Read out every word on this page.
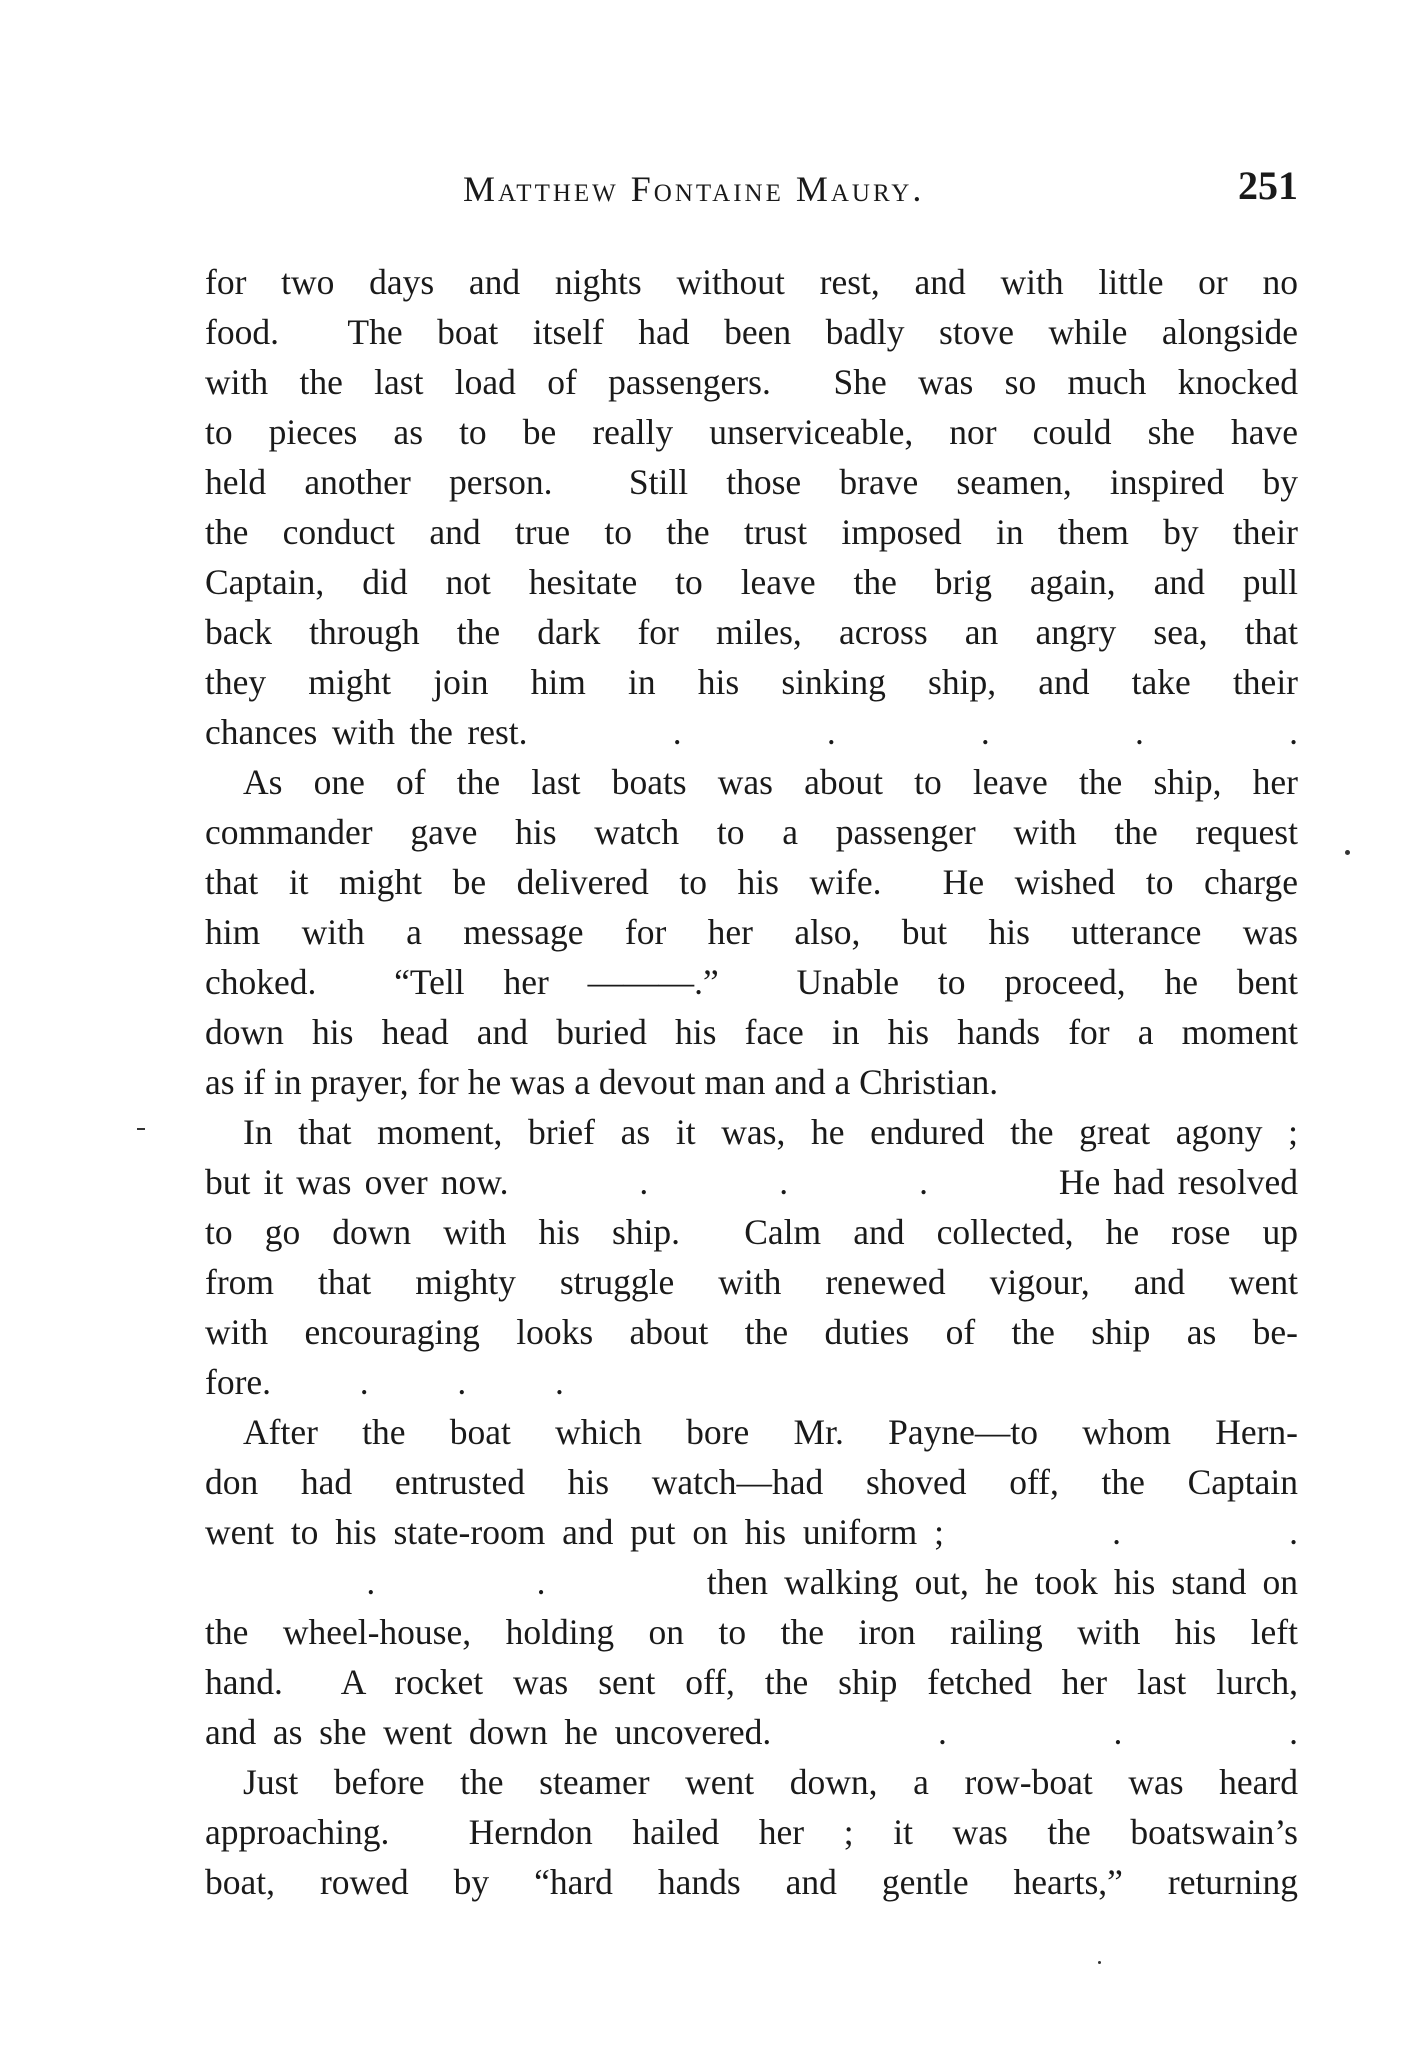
Matthew Fontaine Maury.	251
for two days and nights without rest, and with little or no
food.  The boat itself had been badly stove while alongside
with the last load of passengers.  She was so much knocked
to pieces as to be really unserviceable, nor could she have
held another person.  Still those brave seamen, inspired by
the conduct and true to the trust imposed in them by their
Captain, did not hesitate to leave the brig again, and pull
back through the dark for miles, across an angry sea, that
they might join him in his sinking ship, and take their
chances with the rest.          .          .          .          .          .
As one of the last boats was about to leave the ship, her
commander gave his watch to a passenger with the request
that it might be delivered to his wife.  He wished to charge
him with a message for her also, but his utterance was
choked.  “Tell her ———.”  Unable to proceed, he bent
down his head and buried his face in his hands for a moment
as if in prayer, for he was a devout man and a Christian.
In that moment, brief as it was, he endured the great agony ;
but it was over now.          .          .          .          He had resolved
to go down with his ship.  Calm and collected, he rose up
from that mighty struggle with renewed vigour, and went
with encouraging looks about the duties of the ship as be-
fore.          .          .          .
After the boat which bore Mr. Payne—to whom Hern-
don had entrusted his watch—had shoved off, the Captain
went to his state-room and put on his uniform ;          .          .
.          .          then walking out, he took his stand on
the wheel-house, holding on to the iron railing with his left
hand.  A rocket was sent off, the ship fetched her last lurch,
and as she went down he uncovered.          .          .          .
Just before the steamer went down, a row-boat was heard
approaching.  Herndon hailed her ; it was the boatswain’s
boat, rowed by “hard hands and gentle hearts,” returning
